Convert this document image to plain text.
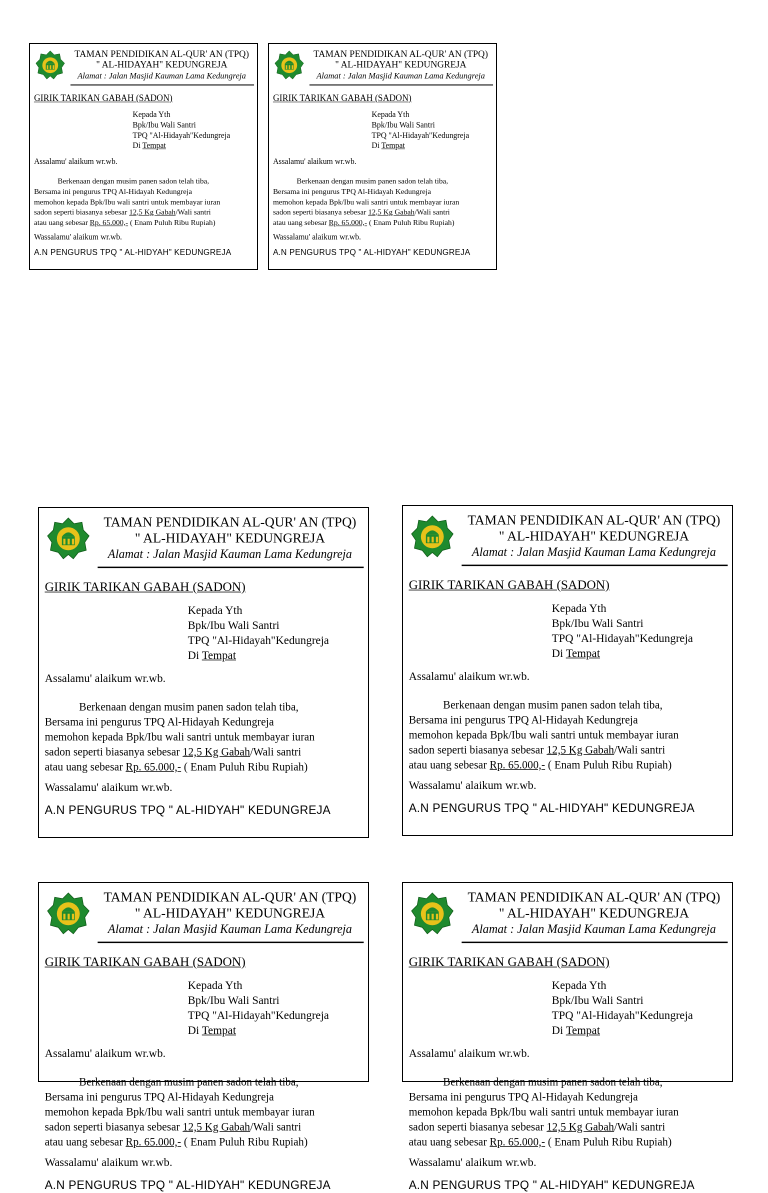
TAMAN PENDIDIKAN AL-QUR' AN (TPQ)
" AL-HIDAYAH" KEDUNGREJA
Alamat : Jalan Masjid Kauman Lama Kedungreja
GIRIK TARIKAN GABAH (SADON)
Kepada Yth
Bpk/Ibu Wali Santri
TPQ "Al-Hidayah"Kedungreja
Di Tempat
Assalamu' alaikum wr.wb.
Berkenaan dengan musim panen sadon telah tiba,
Bersama ini pengurus TPQ Al-Hidayah Kedungreja
memohon kepada Bpk/Ibu wali santri untuk membayar iuran
sadon seperti biasanya sebesar 12,5 Kg Gabah/Wali santri
atau uang sebesar Rp. 65.000,- ( Enam Puluh Ribu Rupiah)
Wassalamu' alaikum wr.wb.
A.N PENGURUS TPQ " AL-HIDYAH" KEDUNGREJA
TAMAN PENDIDIKAN AL-QUR' AN (TPQ)
" AL-HIDAYAH" KEDUNGREJA
Alamat : Jalan Masjid Kauman Lama Kedungreja
GIRIK TARIKAN GABAH (SADON)
Kepada Yth
Bpk/Ibu Wali Santri
TPQ "Al-Hidayah"Kedungreja
Di Tempat
Assalamu' alaikum wr.wb.
Berkenaan dengan musim panen sadon telah tiba,
Bersama ini pengurus TPQ Al-Hidayah Kedungreja
memohon kepada Bpk/Ibu wali santri untuk membayar iuran
sadon seperti biasanya sebesar 12,5 Kg Gabah/Wali santri
atau uang sebesar Rp. 65.000,- ( Enam Puluh Ribu Rupiah)
Wassalamu' alaikum wr.wb.
A.N PENGURUS TPQ " AL-HIDYAH" KEDUNGREJA
TAMAN PENDIDIKAN AL-QUR' AN (TPQ)
" AL-HIDAYAH" KEDUNGREJA
Alamat : Jalan Masjid Kauman Lama Kedungreja
GIRIK TARIKAN GABAH (SADON)
Kepada Yth
Bpk/Ibu Wali Santri
TPQ "Al-Hidayah"Kedungreja
Di Tempat
Assalamu' alaikum wr.wb.
Berkenaan dengan musim panen sadon telah tiba,
Bersama ini pengurus TPQ Al-Hidayah Kedungreja
memohon kepada Bpk/Ibu wali santri untuk membayar iuran
sadon seperti biasanya sebesar 12,5 Kg Gabah/Wali santri
atau uang sebesar Rp. 65.000,- ( Enam Puluh Ribu Rupiah)
Wassalamu' alaikum wr.wb.
A.N PENGURUS TPQ " AL-HIDYAH" KEDUNGREJA
TAMAN PENDIDIKAN AL-QUR' AN (TPQ)
" AL-HIDAYAH" KEDUNGREJA
Alamat : Jalan Masjid Kauman Lama Kedungreja
GIRIK TARIKAN GABAH (SADON)
Kepada Yth
Bpk/Ibu Wali Santri
TPQ "Al-Hidayah"Kedungreja
Di Tempat
Assalamu' alaikum wr.wb.
Berkenaan dengan musim panen sadon telah tiba,
Bersama ini pengurus TPQ Al-Hidayah Kedungreja
memohon kepada Bpk/Ibu wali santri untuk membayar iuran
sadon seperti biasanya sebesar 12,5 Kg Gabah/Wali santri
atau uang sebesar Rp. 65.000,- ( Enam Puluh Ribu Rupiah)
Wassalamu' alaikum wr.wb.
A.N PENGURUS TPQ " AL-HIDYAH" KEDUNGREJA
TAMAN PENDIDIKAN AL-QUR' AN (TPQ)
" AL-HIDAYAH" KEDUNGREJA
Alamat : Jalan Masjid Kauman Lama Kedungreja
GIRIK TARIKAN GABAH (SADON)
Kepada Yth
Bpk/Ibu Wali Santri
TPQ "Al-Hidayah"Kedungreja
Di Tempat
Assalamu' alaikum wr.wb.
Berkenaan dengan musim panen sadon telah tiba,
Bersama ini pengurus TPQ Al-Hidayah Kedungreja
memohon kepada Bpk/Ibu wali santri untuk membayar iuran
sadon seperti biasanya sebesar 12,5 Kg Gabah/Wali santri
atau uang sebesar Rp. 65.000,- ( Enam Puluh Ribu Rupiah)
Wassalamu' alaikum wr.wb.
A.N PENGURUS TPQ " AL-HIDYAH" KEDUNGREJA
TAMAN PENDIDIKAN AL-QUR' AN (TPQ)
" AL-HIDAYAH" KEDUNGREJA
Alamat : Jalan Masjid Kauman Lama Kedungreja
GIRIK TARIKAN GABAH (SADON)
Kepada Yth
Bpk/Ibu Wali Santri
TPQ "Al-Hidayah"Kedungreja
Di Tempat
Assalamu' alaikum wr.wb.
Berkenaan dengan musim panen sadon telah tiba,
Bersama ini pengurus TPQ Al-Hidayah Kedungreja
memohon kepada Bpk/Ibu wali santri untuk membayar iuran
sadon seperti biasanya sebesar 12,5 Kg Gabah/Wali santri
atau uang sebesar Rp. 65.000,- ( Enam Puluh Ribu Rupiah)
Wassalamu' alaikum wr.wb.
A.N PENGURUS TPQ " AL-HIDYAH" KEDUNGREJA
